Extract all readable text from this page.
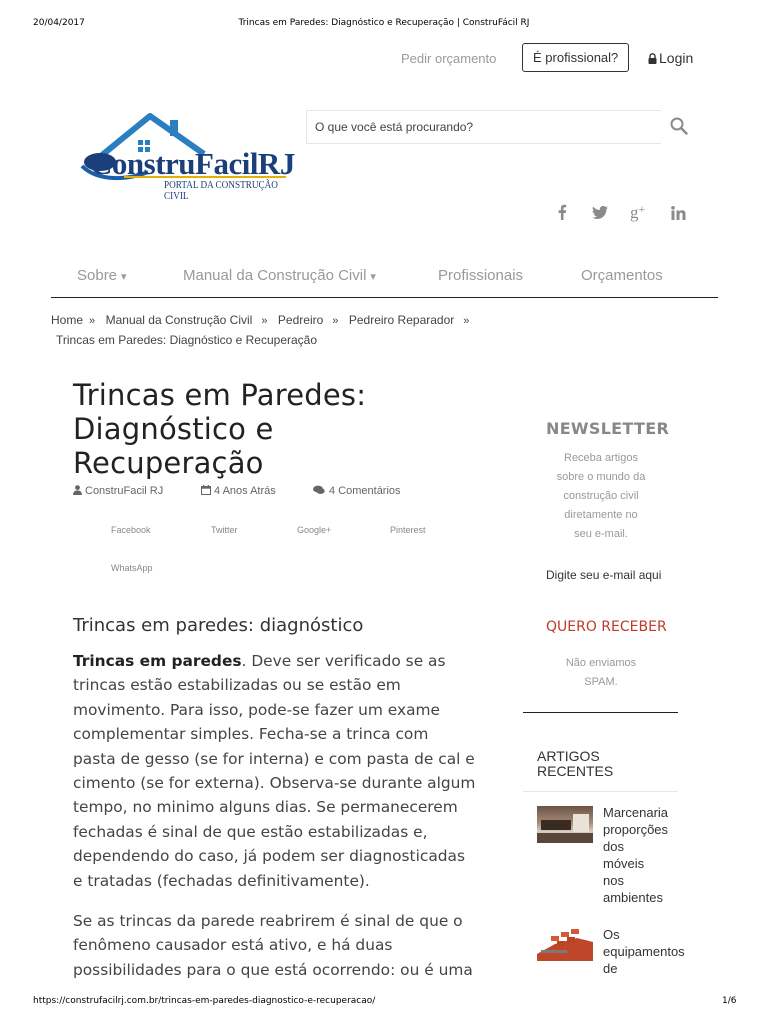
20/04/2017	Trincas em Paredes: Diagnóstico e Recuperação | ConstruFácil RJ
Pedir orçamento	É profissional?	Login
ConstruFacilRJ
PORTAL DA CONSTRUÇÃO CIVIL
O que você está procurando?
g+
Sobre ▾	Manual da Construção Civil ▾	Profissionais	Orçamentos
Home » Manual da Construção Civil » Pedreiro » Pedreiro Reparador »
Trincas em Paredes: Diagnóstico e Recuperação
Trincas em Paredes:
Diagnóstico e
Recuperação
ConstruFacil RJ	4 Anos Atrás	4 Comentários
Facebook	Twitter	Google+	Pinterest
WhatsApp
Trincas em paredes: diagnóstico
Trincas em paredes. Deve ser verificado se as
trincas estão estabilizadas ou se estão em
movimento. Para isso, pode-se fazer um exame
complementar simples. Fecha-se a trinca com
pasta de gesso (se for interna) e com pasta de cal e
cimento (se for externa). Observa-se durante algum
tempo, no minimo alguns dias. Se permanecerem
fechadas é sinal de que estão estabilizadas e,
dependendo do caso, já podem ser diagnosticadas
e tratadas (fechadas definitivamente).
Se as trincas da parede reabrirem é sinal de que o
fenômeno causador está ativo, e há duas
possibilidades para o que está ocorrendo: ou é uma
NEWSLETTER
Receba artigos
sobre o mundo da
construção civil
diretamente no
seu e-mail.
Digite seu e-mail aqui
QUERO RECEBER
Não enviamos
SPAM.
ARTIGOS
RECENTES
Marcenaria
proporções
dos
móveis
nos
ambientes
Os
equipamentos
de
https://construfacilrj.com.br/trincas-em-paredes-diagnostico-e-recuperacao/	1/6
